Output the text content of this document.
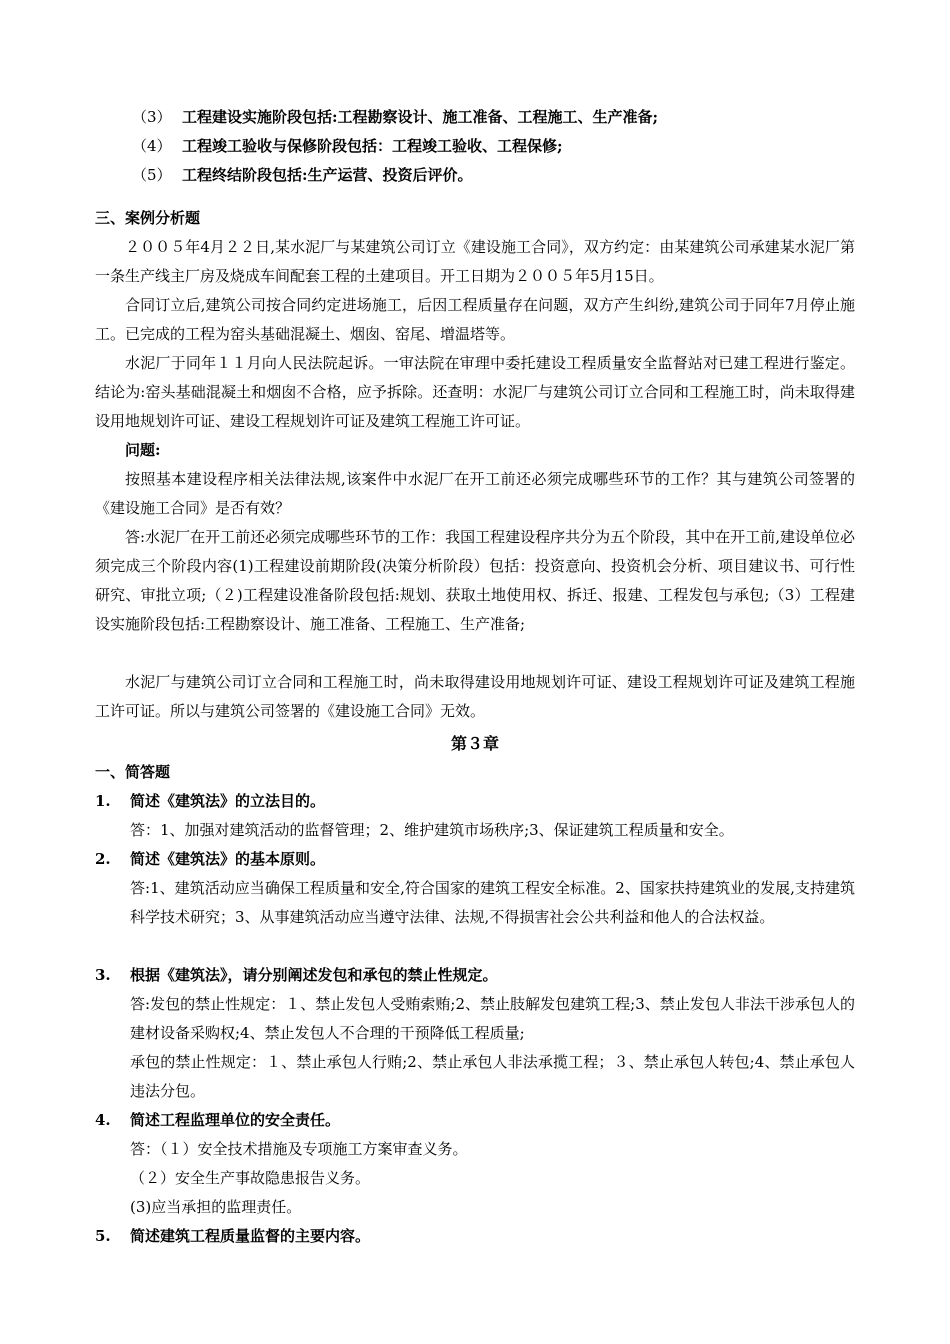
（3） 工程建设实施阶段包括:工程勘察设计、施工准备、工程施工、生产准备;
（4） 工程竣工验收与保修阶段包括：工程竣工验收、工程保修;
（5） 工程终结阶段包括:生产运营、投资后评价。
三、案例分析题
２００５年4月２２日,某水泥厂与某建筑公司订立《建设施工合同》，双方约定：由某建筑公司承建某水泥厂第一条生产线主厂房及烧成车间配套工程的土建项目。开工日期为２００５年5月15日。
合同订立后,建筑公司按合同约定进场施工，后因工程质量存在问题，双方产生纠纷,建筑公司于同年7月停止施工。已完成的工程为窑头基础混凝土、烟囱、窑尾、增温塔等。
水泥厂于同年１１月向人民法院起诉。一审法院在审理中委托建设工程质量安全监督站对已建工程进行鉴定。结论为:窑头基础混凝土和烟囱不合格，应予拆除。还查明：水泥厂与建筑公司订立合同和工程施工时，尚未取得建设用地规划许可证、建设工程规划许可证及建筑工程施工许可证。
问题:
按照基本建设程序相关法律法规,该案件中水泥厂在开工前还必须完成哪些环节的工作？其与建筑公司签署的《建设施工合同》是否有效？
答:水泥厂在开工前还必须完成哪些环节的工作：我国工程建设程序共分为五个阶段，其中在开工前,建设单位必须完成三个阶段内容(1)工程建设前期阶段(决策分析阶段）包括：投资意向、投资机会分析、项目建议书、可行性研究、审批立项;（２)工程建设准备阶段包括:规划、获取土地使用权、拆迁、报建、工程发包与承包;（3）工程建设实施阶段包括:工程勘察设计、施工准备、工程施工、生产准备;
水泥厂与建筑公司订立合同和工程施工时，尚未取得建设用地规划许可证、建设工程规划许可证及建筑工程施工许可证。所以与建筑公司签署的《建设施工合同》无效。
第３章
一、简答题
1. 简述《建筑法》的立法目的。
答：1、加强对建筑活动的监督管理；2、维护建筑市场秩序;3、保证建筑工程质量和安全。
2. 简述《建筑法》的基本原则。
答:1、建筑活动应当确保工程质量和安全,符合国家的建筑工程安全标准。2、国家扶持建筑业的发展,支持建筑科学技术研究；3、从事建筑活动应当遵守法律、法规,不得损害社会公共利益和他人的合法权益。
3. 根据《建筑法》，请分别阐述发包和承包的禁止性规定。
答:发包的禁止性规定：１、禁止发包人受贿索贿;2、禁止肢解发包建筑工程;3、禁止发包人非法干涉承包人的建材设备采购权;4、禁止发包人不合理的干预降低工程质量;
承包的禁止性规定：１、禁止承包人行贿;2、禁止承包人非法承揽工程；３、禁止承包人转包;4、禁止承包人违法分包。
4. 简述工程监理单位的安全责任。
答：（１）安全技术措施及专项施工方案审查义务。
（２）安全生产事故隐患报告义务。
(3)应当承担的监理责任。
5. 简述建筑工程质量监督的主要内容。
